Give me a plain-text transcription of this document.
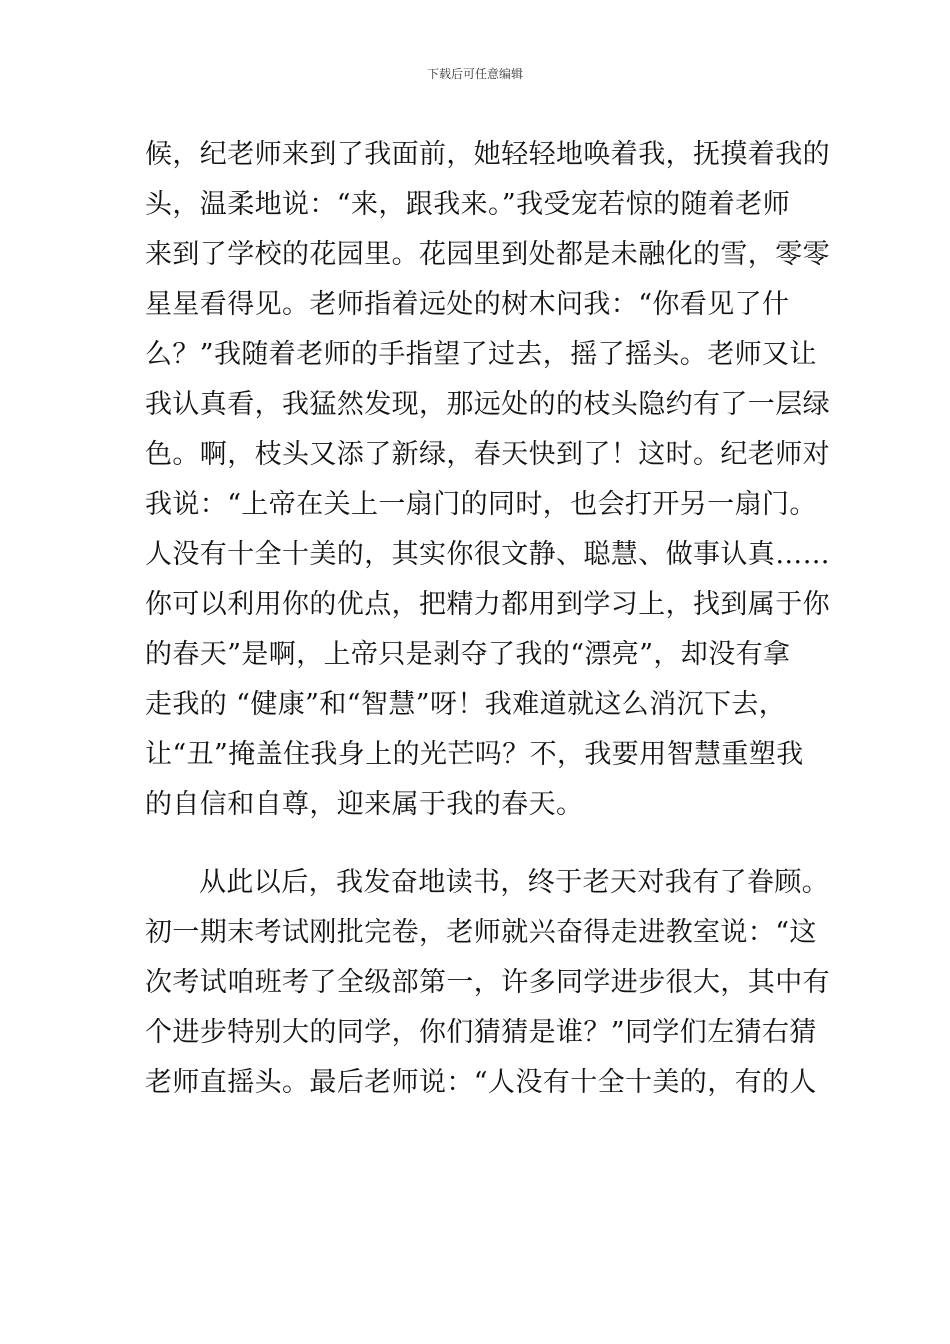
下载后可任意编辑
候，纪老师来到了我面前，她轻轻地唤着我，抚摸着我的
头，温柔地说：“来，跟我来。”我受宠若惊的随着老师
来到了学校的花园里。花园里到处都是未融化的雪，零零
星星看得见。老师指着远处的树木问我：“你看见了什
么？”我随着老师的手指望了过去，摇了摇头。老师又让
我认真看，我猛然发现，那远处的的枝头隐约有了一层绿
色。啊，枝头又添了新绿，春天快到了！这时。纪老师对
我说：“上帝在关上一扇门的同时，也会打开另一扇门。
人没有十全十美的，其实你很文静、聪慧、做事认真……
你可以利用你的优点，把精力都用到学习上，找到属于你
的春天”是啊，上帝只是剥夺了我的“漂亮”，却没有拿
走我的 “健康”和“智慧”呀！我难道就这么消沉下去，
让“丑”掩盖住我身上的光芒吗？不，我要用智慧重塑我
的自信和自尊，迎来属于我的春天。
从此以后，我发奋地读书，终于老天对我有了眷顾。
初一期末考试刚批完卷，老师就兴奋得走进教室说：“这
次考试咱班考了全级部第一，许多同学进步很大，其中有
个进步特别大的同学，你们猜猜是谁？”同学们左猜右猜
老师直摇头。最后老师说：“人没有十全十美的，有的人
